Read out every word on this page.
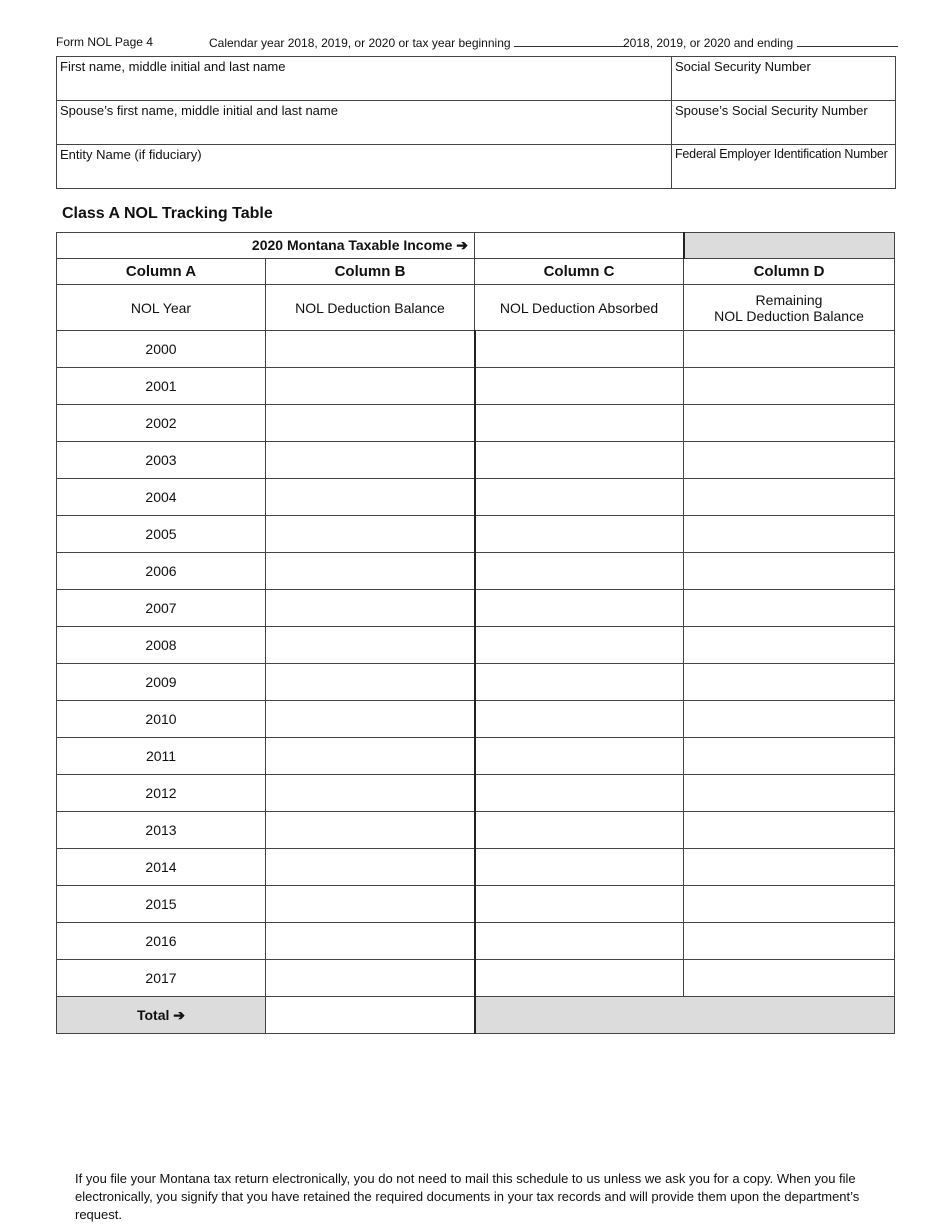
Form NOL Page 4	Calendar year 2018, 2019, or 2020 or tax year beginning	2018, 2019, or 2020 and ending
First name, middle initial and last name	Social Security Number
Spouse’s first name, middle initial and last name	Spouse’s Social Security Number
Entity Name (if fiduciary)	Federal Employer Identification Number
Class A NOL Tracking Table
2020 Montana Taxable Income ➔			
Column A	Column B	Column C	Column D
NOL Year	NOL Deduction Balance	NOL Deduction Absorbed	Remaining
NOL Deduction Balance
2000			
2001			
2002			
2003			
2004			
2005			
2006			
2007			
2008			
2009			
2010			
2011			
2012			
2013			
2014			
2015			
2016			
2017			
Total ➔			
If you file your Montana tax return electronically, you do not need to mail this schedule to us unless we ask you for a copy. When you file
electronically, you signify that you have retained the required documents in your tax records and will provide them upon the department’s request.
